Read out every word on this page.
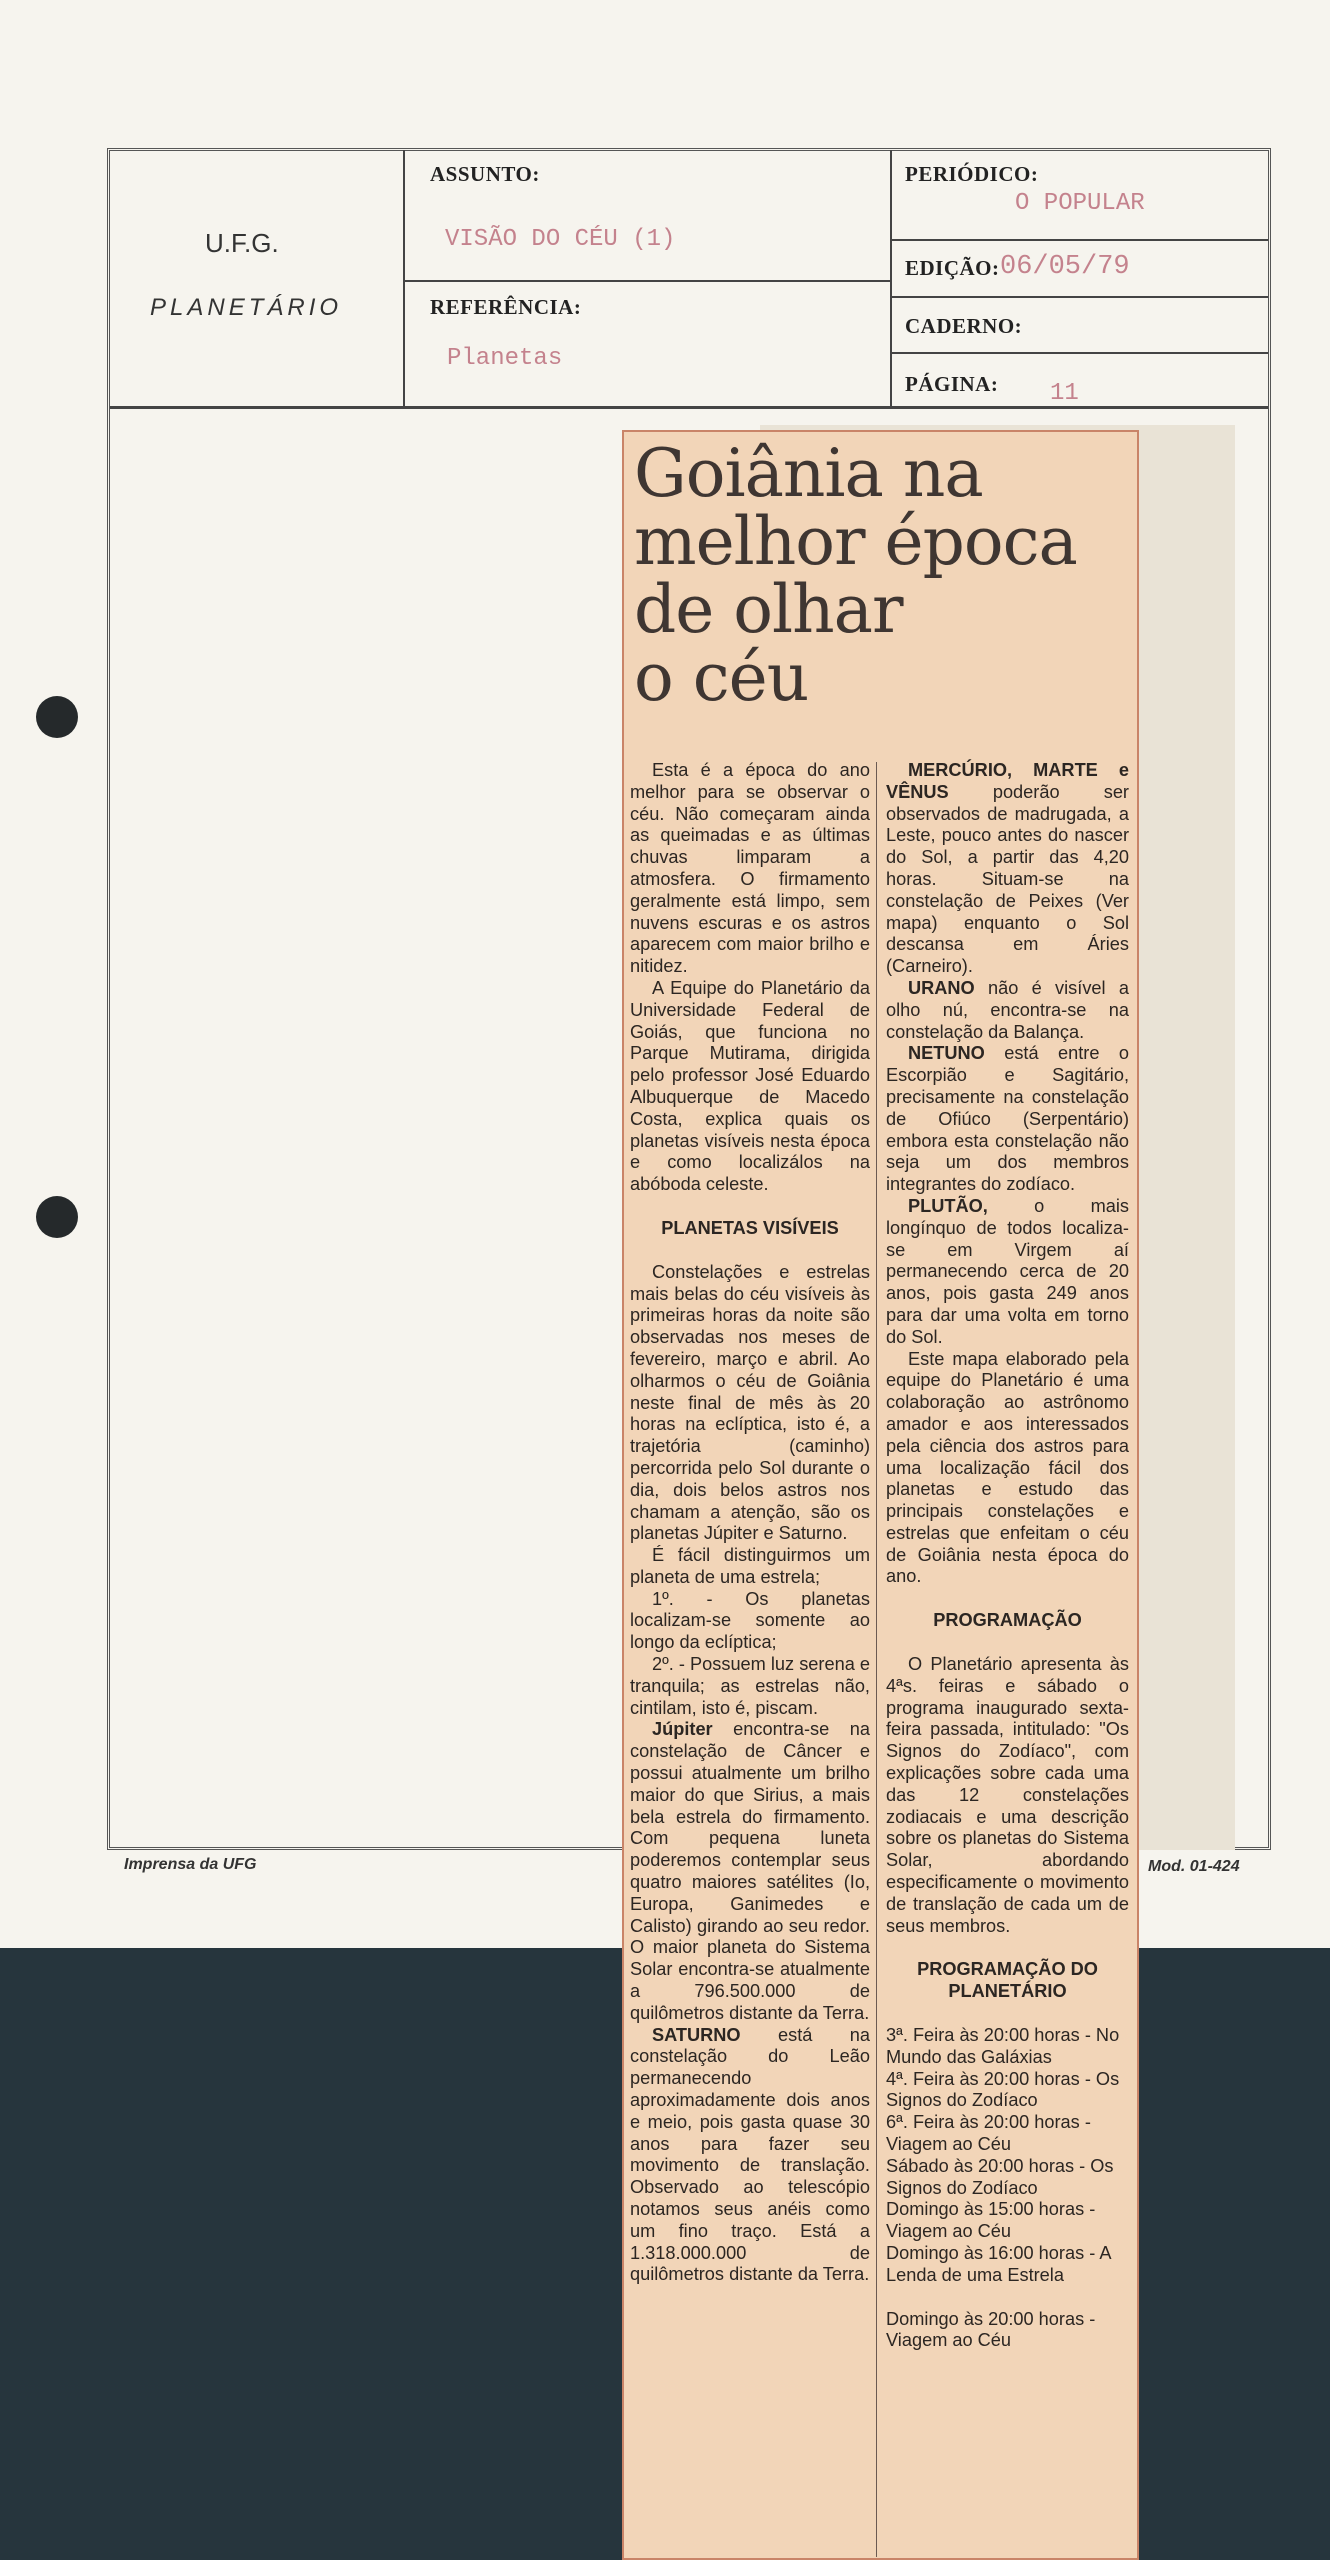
U.F.G.
PLANETÁRIO
ASSUNTO:
VISÃO DO CÉU (1)
REFERÊNCIA:
Planetas
PERIÓDICO:
O POPULAR
EDIÇÃO: 06/05/79
CADERNO:
PÁGINA: 11
Imprensa da UFG	Mod. 01-424
Goiânia na
melhor época
de olhar
o céu

Esta é a época do ano melhor para se observar o céu. Não começaram ainda as queimadas e as últimas chuvas limparam a atmosfera. O firmamento geralmente está limpo, sem nuvens escuras e os astros aparecem com maior brilho e nitidez.

A Equipe do Planetário da Universidade Federal de Goiás, que funciona no Parque Mutirama, dirigida pelo professor José Eduardo Albuquerque de Macedo Costa, explica quais os planetas visíveis nesta época e como localizálos na abóboda celeste.

PLANETAS VISÍVEIS

Constelações e estrelas mais belas do céu visíveis às primeiras horas da noite são observadas nos meses de fevereiro, março e abril. Ao olharmos o céu de Goiânia neste final de mês às 20 horas na eclíptica, isto é, a trajetória (caminho) percorrida pelo Sol durante o dia, dois belos astros nos chamam a atenção, são os planetas Júpiter e Saturno.

É fácil distinguirmos um planeta de uma estrela;

1º. - Os planetas localizam-se somente ao longo da eclíptica;

2º. - Possuem luz serena e tranquila; as estrelas não, cintilam, isto é, piscam.

Júpiter encontra-se na constelação de Câncer e possui atualmente um brilho maior do que Sirius, a mais bela estrela do firmamento. Com pequena luneta poderemos contemplar seus quatro maiores satélites (Io, Europa, Ganimedes e Calisto) girando ao seu redor. O maior planeta do Sistema Solar encontra-se atualmente a 796.500.000 de quilômetros distante da Terra.

SATURNO está na constelação do Leão permanecendo aproximadamente dois anos e meio, pois gasta quase 30 anos para fazer seu movimento de translação. Observado ao telescópio notamos seus anéis como um fino traço. Está a 1.318.000.000 de quilômetros distante da Terra.

MERCÚRIO, MARTE e VÊNUS poderão ser observados de madrugada, a Leste, pouco antes do nascer do Sol, a partir das 4,20 horas. Situam-se na constelação de Peixes (Ver mapa) enquanto o Sol descansa em Áries (Carneiro).

URANO não é visível a olho nú, encontra-se na constelação da Balança.

NETUNO está entre o Escorpião e Sagitário, precisamente na constelação de Ofiúco (Serpentário) embora esta constelação não seja um dos membros integrantes do zodíaco.

PLUTÃO, o mais longínquo de todos localiza-se em Virgem aí permanecendo cerca de 20 anos, pois gasta 249 anos para dar uma volta em torno do Sol.

Este mapa elaborado pela equipe do Planetário é uma colaboração ao astrônomo amador e aos interessados pela ciência dos astros para uma localização fácil dos planetas e estudo das principais constelações e estrelas que enfeitam o céu de Goiânia nesta época do ano.

PROGRAMAÇÃO

O Planetário apresenta às 4ªs. feiras e sábado o programa inaugurado sexta-feira passada, intitulado: "Os Signos do Zodíaco", com explicações sobre cada uma das 12 constelações zodiacais e uma descrição sobre os planetas do Sistema Solar, abordando especificamente o movimento de translação de cada um de seus membros.

PROGRAMAÇÃO DO PLANETÁRIO

3ª. Feira às 20:00 horas - No Mundo das Galáxias

4ª. Feira às 20:00 horas - Os Signos do Zodíaco

6ª. Feira às 20:00 horas - Viagem ao Céu

Sábado às 20:00 horas - Os Signos do Zodíaco

Domingo às 15:00 horas - Viagem ao Céu

Domingo às 16:00 horas - A Lenda de uma Estrela

Domingo às 20:00 horas - Viagem ao Céu
